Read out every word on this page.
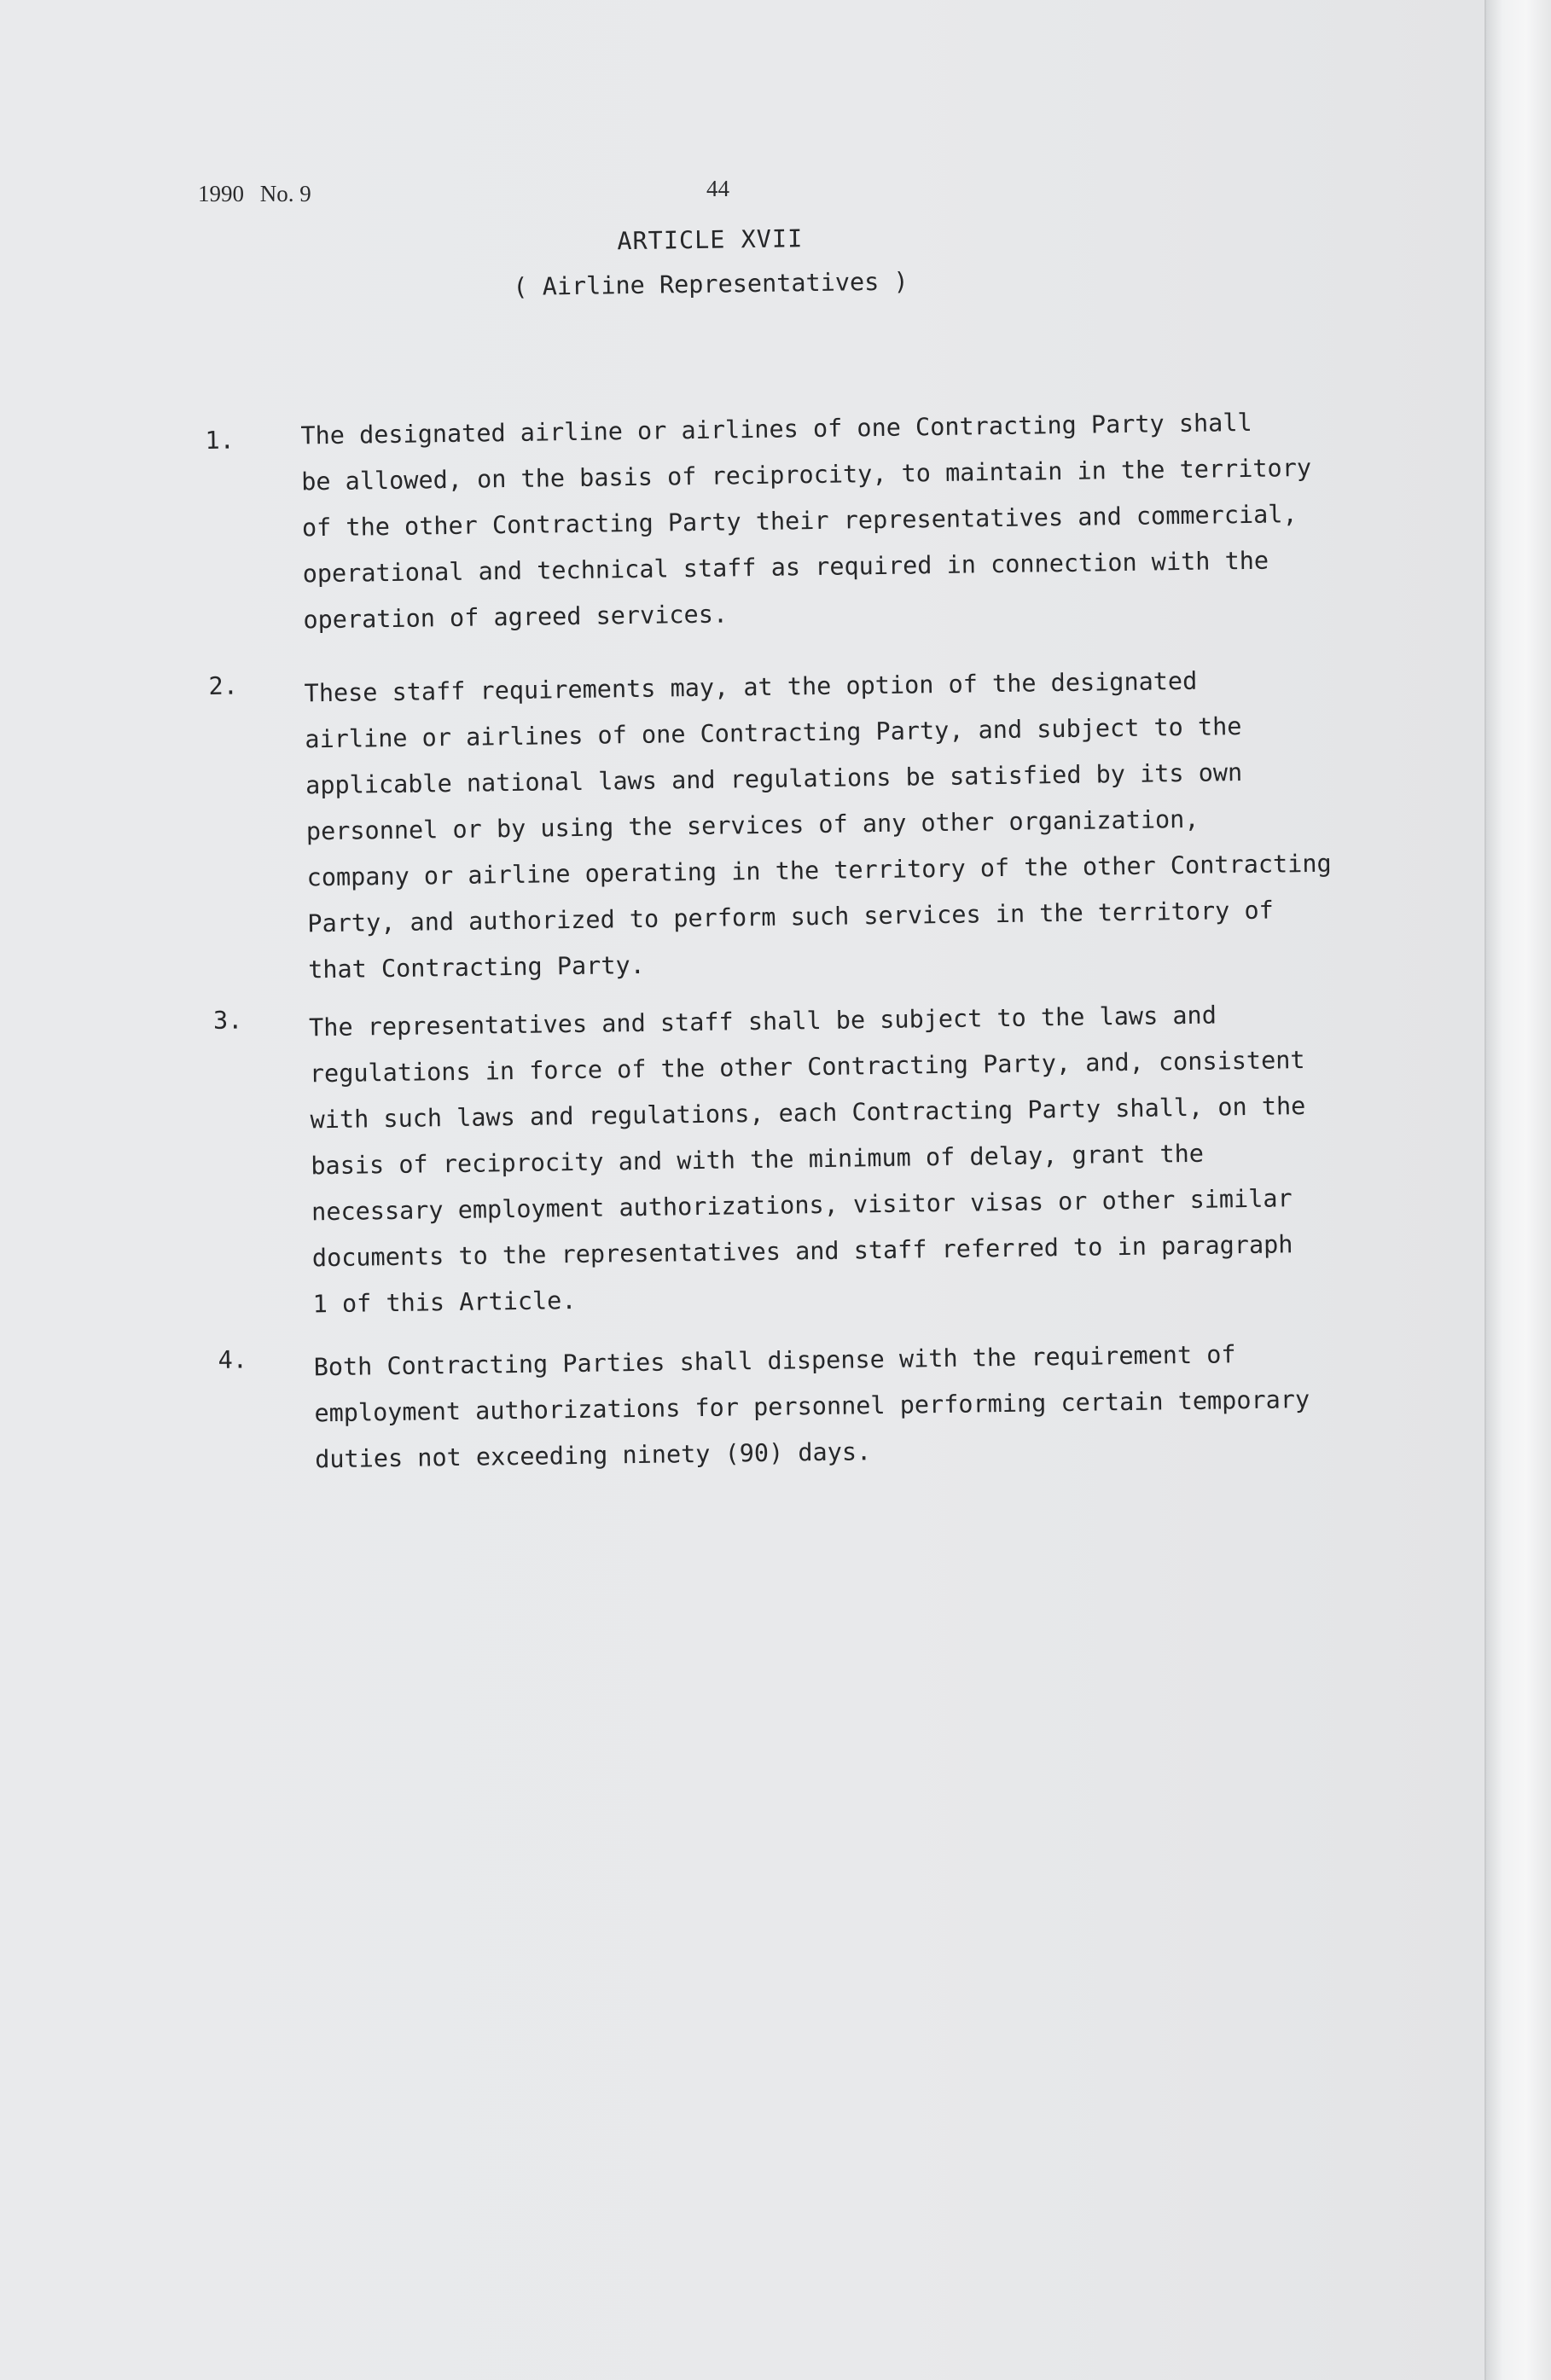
1990 No. 9	44
ARTICLE XVII
( Airline Representatives )
1.	The designated airline or airlines of one Contracting Party shall
be allowed, on the basis of reciprocity, to maintain in the territory
of the other Contracting Party their representatives and commercial,
operational and technical staff as required in connection with the
operation of agreed services.
2.	These staff requirements may, at the option of the designated
airline or airlines of one Contracting Party, and subject to the
applicable national laws and regulations be satisfied by its own
personnel or by using the services of any other organization,
company or airline operating in the territory of the other Contracting
Party, and authorized to perform such services in the territory of
that Contracting Party.
3.	The representatives and staff shall be subject to the laws and
regulations in force of the other Contracting Party, and, consistent
with such laws and regulations, each Contracting Party shall, on the
basis of reciprocity and with the minimum of delay, grant the
necessary employment authorizations, visitor visas or other similar
documents to the representatives and staff referred to in paragraph
1 of this Article.
4.	Both Contracting Parties shall dispense with the requirement of
employment authorizations for personnel performing certain temporary
duties not exceeding ninety (90) days.
